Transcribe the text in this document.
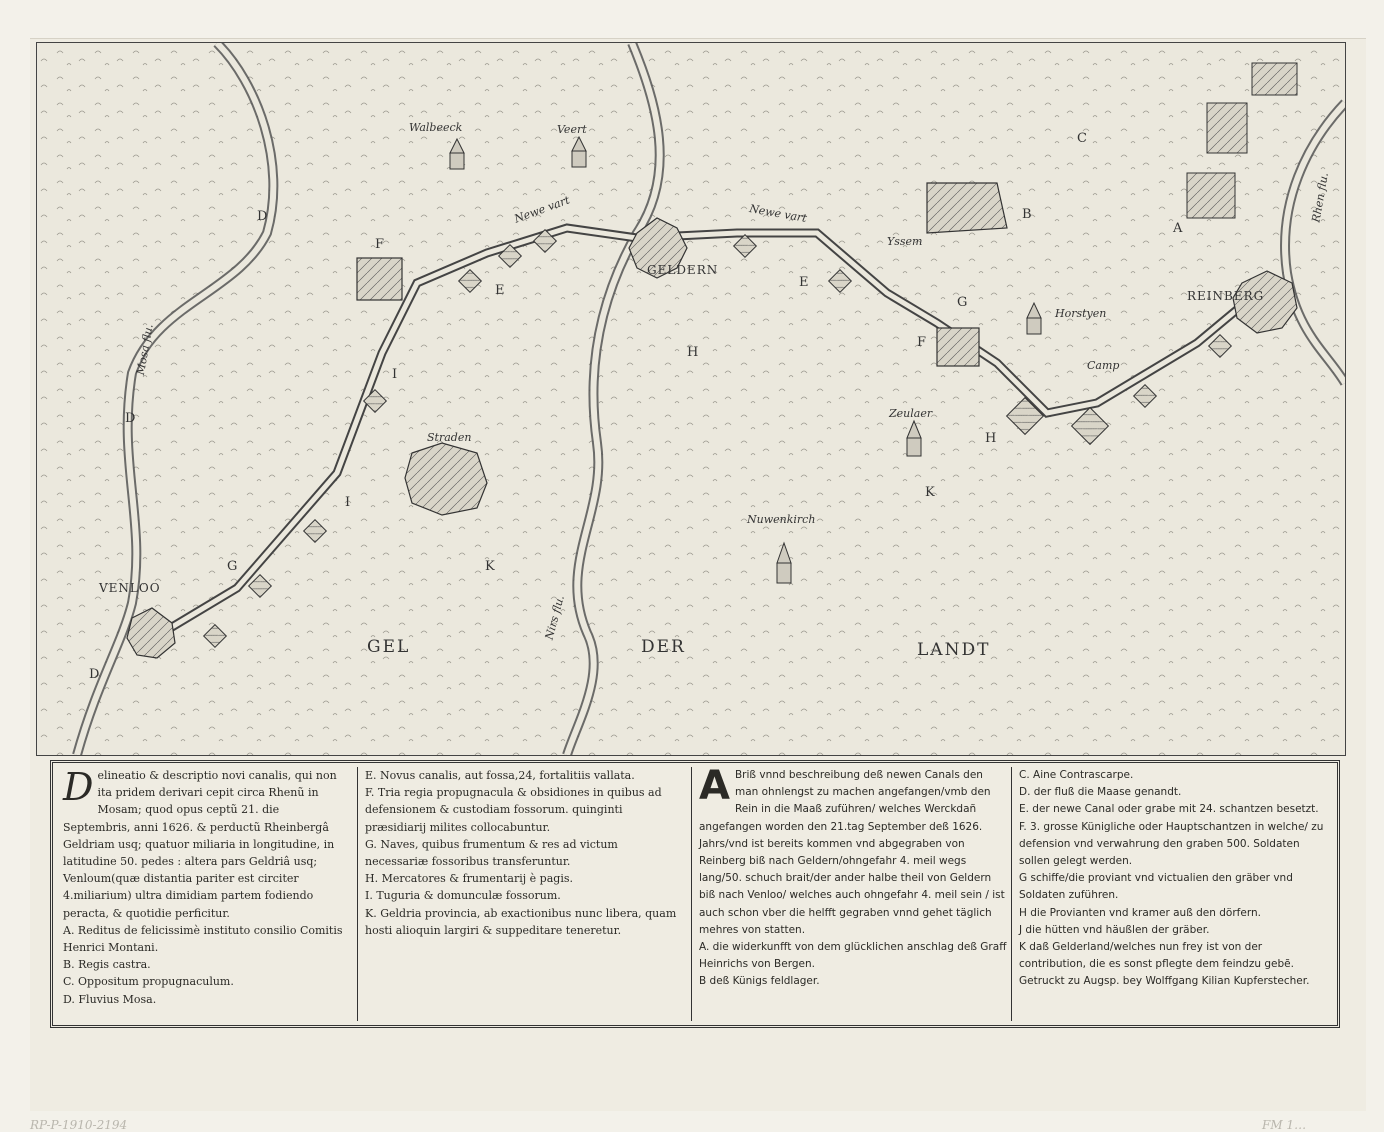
Walbeeck	Veert
Yssem
GELDERN
REINBERG
Horstyen
Camp
Zeulaer
Straden
Nuwenkirch
VENLOO
Newe vart	Newe vart
GEL	DER	LANDT
Mosa flu.
Nirs flu.
Rhen flu.
A
B
C
D
D
D
E
E
F
F
G
G
H
H
I
I
K
K
D elineatio & descriptio novi canalis, qui non ita pridem derivari cepit circa Rhenũ in Mosam; quod opus ceptũ 21. die Septembris, anni 1626. & perductũ Rheinbergâ Geldriam usq; quatuor miliaria in longitudine, in latitudine 50. pedes : altera pars Geldriâ usq; Venloum(quæ distantia pariter est circiter 4.miliarium) ultra dimidiam partem fodiendo peracta, & quotidie perficitur.

A. Reditus de felicissimè instituto consilio Comitis Henrici Montani.

B. Regis castra.

C. Oppositum propugnaculum.

D. Fluvius Mosa.

E. Novus canalis, aut fossa,24, fortalitiis vallata.

F. Tria regia propugnacula & obsidiones in quibus ad defensionem & custodiam fossorum. quinginti præsidiarij milites collocabuntur.

G. Naves, quibus frumentum & res ad victum necessariæ fossoribus transferuntur.

H. Mercatores & frumentarij è pagis.

I. Tuguria & domunculæ fossorum.

K. Geldria provincia, ab exactionibus nunc libera, quam hosti alioquin largiri & suppeditare teneretur.

A Briß vnnd beschreibung deß newen Canals den man ohnlengst zu machen angefangen/vmb den Rein in die Maaß zuführen/ welches Werckdañ angefangen worden den 21.tag September deß 1626. Jahrs/vnd ist bereits kommen vnd abgegraben von Reinberg biß nach Geldern/ohngefahr 4. meil wegs lang/50. schuch brait/der ander halbe theil von Geldern biß nach Venloo/ welches auch ohngefahr 4. meil sein / ist auch schon vber die helfft gegraben vnnd gehet täglich mehres von statten.

A. die widerkunfft von dem glücklichen anschlag deß Graff Heinrichs von Bergen.

B deß Künigs feldlager.

C. Aine Contrascarpe.

D. der fluß die Maase genandt.

E. der newe Canal oder grabe mit 24. schantzen besetzt.

F. 3. grosse Künigliche oder Hauptschantzen in welche/ zu defension vnd verwahrung den graben 500. Soldaten sollen gelegt werden.

G schiffe/die proviant vnd victualien den gräber vnd Soldaten zuführen.

H die Provianten vnd kramer auß den dörfern.

J die hütten vnd häußlen der gräber.

K daß Gelderland/welches nun frey ist von der contribution, die es sonst pflegte dem feindzu gebẽ.

Getruckt zu Augsp. bey Wolffgang Kilian Kupferstecher.

RP-P-1910-2194	FM 1…
